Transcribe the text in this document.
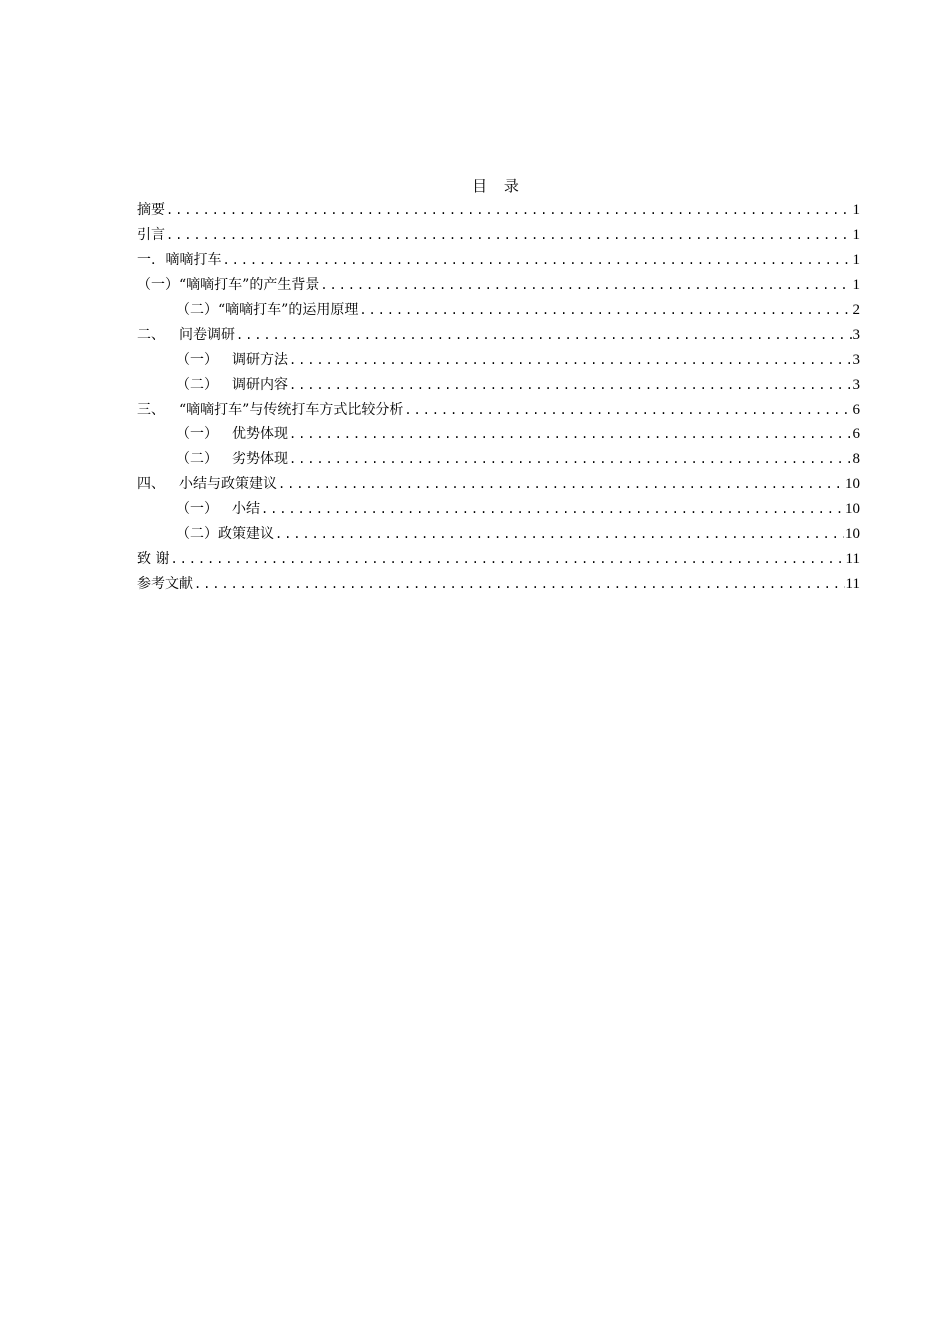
目 录
摘要 .....	1
引言 .....	1
一. 嘀嘀打车 .....	1
（一） “嘀嘀打车”的产生背景 .....	1
（二） “嘀嘀打车”的运用原理 .....	2
二、 问卷调研 .....	3
（一） 调研方法 .....	3
（二） 调研内容 .....	3
三、 “嘀嘀打车”与传统打车方式比较分析 .....	6
（一） 优势体现 .....	6
（二） 劣势体现 .....	8
四、 小结与政策建议 .....	10
（一） 小结 .....	10
（二） 政策建议 .....	10
致 谢 .....	11
参考文献 .....	11
